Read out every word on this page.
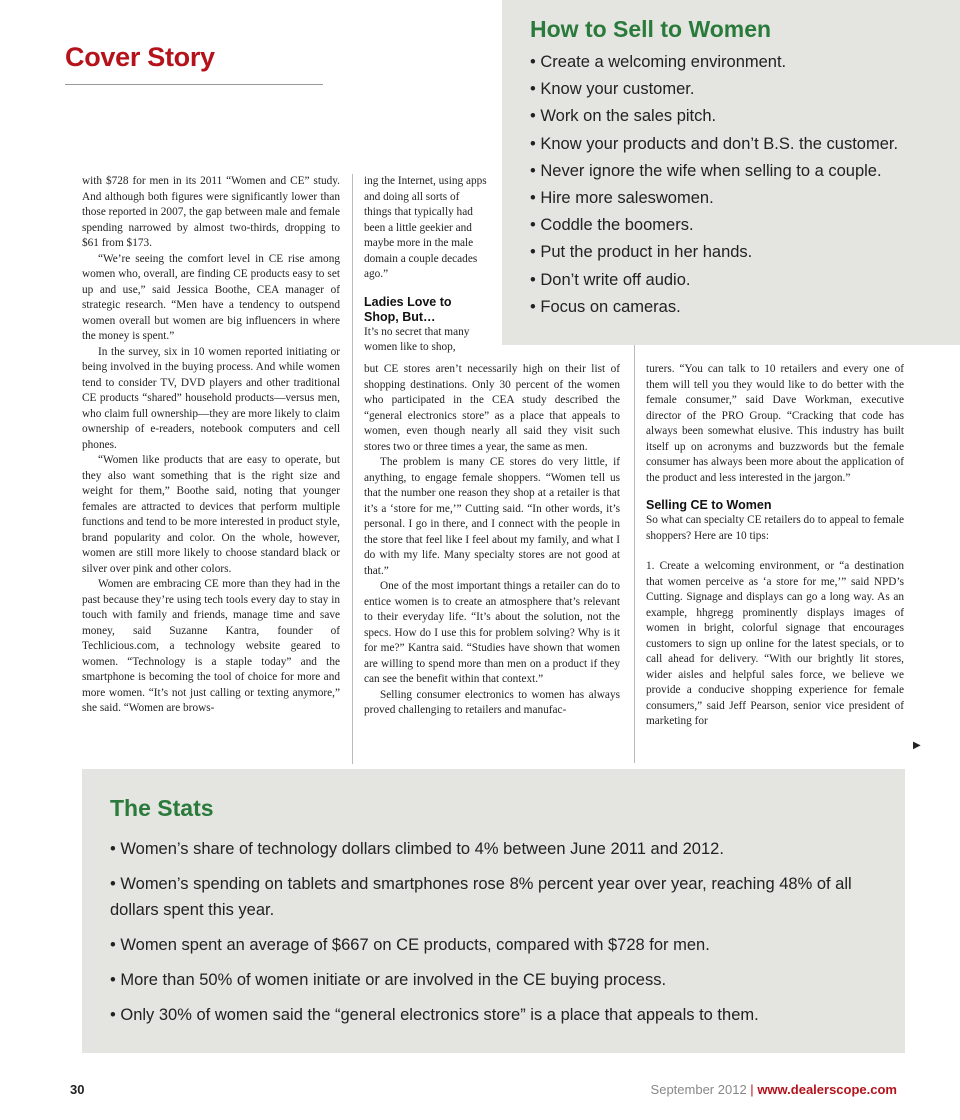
Cover Story
How to Sell to Women
• Create a welcoming environment.
• Know your customer.
• Work on the sales pitch.
• Know your products and don’t B.S. the customer.
• Never ignore the wife when selling to a couple.
• Hire more saleswomen.
• Coddle the boomers.
• Put the product in her hands.
• Don’t write off audio.
• Focus on cameras.

with $728 for men in its 2011 “Women and CE” study. And although both figures were significantly lower than those reported in 2007, the gap between male and female spending narrowed by almost two-thirds, dropping to $61 from $173.

“We’re seeing the comfort level in CE rise among women who, overall, are finding CE products easy to set up and use,” said Jessica Boothe, CEA manager of strategic research. “Men have a tendency to outspend women overall but women are big influencers in where the money is spent.”

In the survey, six in 10 women reported initiating or being involved in the buying process. And while women tend to consider TV, DVD players and other traditional CE products “shared” household products—versus men, who claim full ownership—they are more likely to claim ownership of e-readers, notebook computers and cell phones.

“Women like products that are easy to operate, but they also want something that is the right size and weight for them,” Boothe said, noting that younger females are attracted to devices that perform multiple functions and tend to be more interested in product style, brand popularity and color. On the whole, however, women are still more likely to choose standard black or silver over pink and other colors.

Women are embracing CE more than they had in the past because they’re using tech tools every day to stay in touch with family and friends, manage time and save money, said Suzanne Kantra, founder of Techlicious.com, a technology website geared to women. “Technology is a staple today” and the smartphone is becoming the tool of choice for more and more women. “It’s not just calling or texting anymore,” she said. “Women are brows-

ing the Internet, using apps and doing all sorts of things that typically had been a little geekier and maybe more in the male domain a couple decades ago.”

Ladies Love to Shop, But…

It’s no secret that many women like to shop,

but CE stores aren’t necessarily high on their list of shopping destinations. Only 30 percent of the women who participated in the CEA study described the “general electronics store” as a place that appeals to women, even though nearly all said they visit such stores two or three times a year, the same as men.

The problem is many CE stores do very little, if anything, to engage female shoppers. “Women tell us that the number one reason they shop at a retailer is that it’s a ‘store for me,’” Cutting said. “In other words, it’s personal. I go in there, and I connect with the people in the store that feel like I feel about my family, and what I do with my life. Many specialty stores are not good at that.”

One of the most important things a retailer can do to entice women is to create an atmosphere that’s relevant to their everyday life. “It’s about the solution, not the specs. How do I use this for problem solving? Why is it for me?” Kantra said. “Studies have shown that women are willing to spend more than men on a product if they can see the benefit within that context.”

Selling consumer electronics to women has always proved challenging to retailers and manufac-

turers. “You can talk to 10 retailers and every one of them will tell you they would like to do better with the female consumer,” said Dave Workman, executive director of the PRO Group. “Cracking that code has always been somewhat elusive. This industry has built itself up on acronyms and buzzwords but the female consumer has always been more about the application of the product and less interested in the jargon.”

Selling CE to Women

So what can specialty CE retailers do to appeal to female shoppers? Here are 10 tips:

1. Create a welcoming environment, or “a destination that women perceive as ‘a store for me,’” said NPD’s Cutting. Signage and displays can go a long way. As an example, hhgregg prominently displays images of women in bright, colorful signage that encourages customers to sign up online for the latest specials, or to call ahead for delivery. “With our brightly lit stores, wider aisles and helpful sales force, we believe we provide a conducive shopping experience for female consumers,” said Jeff Pearson, senior vice president of marketing for

▶
The Stats
• Women’s share of technology dollars climbed to 4% between June 2011 and 2012.
• Women’s spending on tablets and smartphones rose 8% percent year over year, reaching 48% of all dollars spent this year.
• Women spent an average of $667 on CE products, compared with $728 for men.
• More than 50% of women initiate or are involved in the CE buying process.
• Only 30% of women said the “general electronics store” is a place that appeals to them.
30	September 2012 | www.dealerscope.com
